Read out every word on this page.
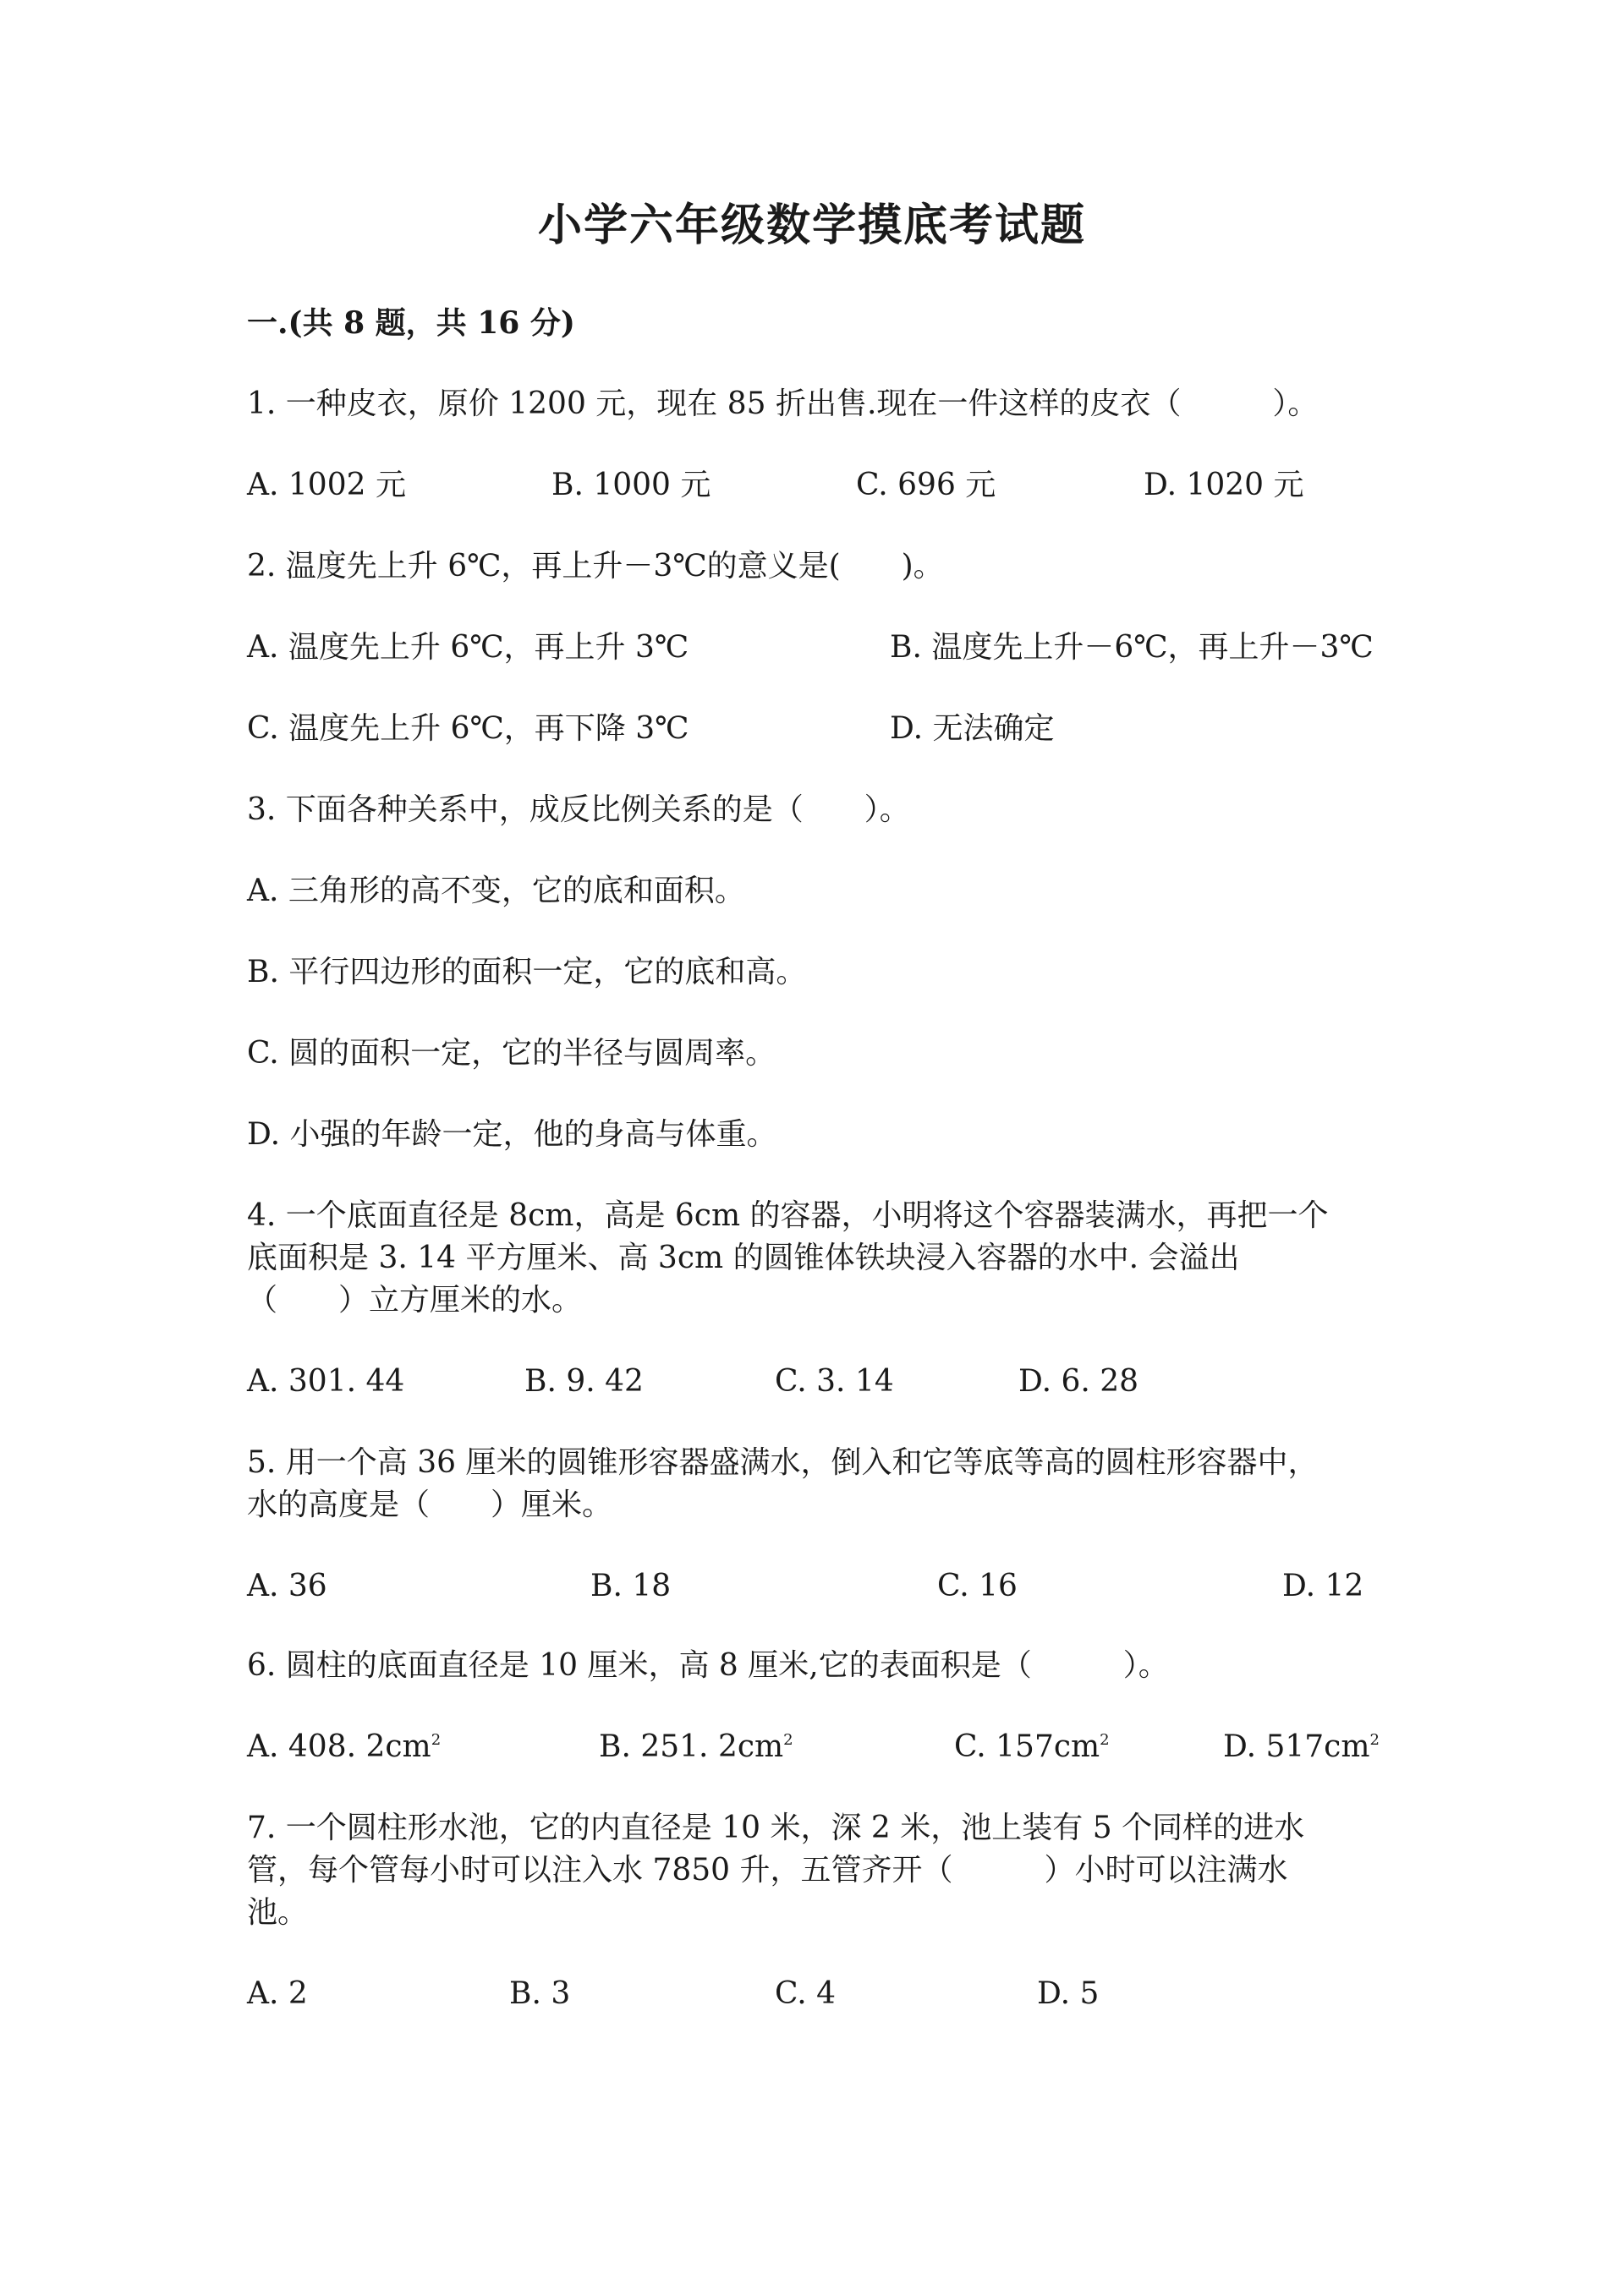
小学六年级数学摸底考试题
一.(共 8 题，共 16 分)
1. 一种皮衣，原价 1200 元，现在 85 折出售.现在一件这样的皮衣（　　　）。
A. 1002 元	B. 1000 元	C. 696 元	D. 1020 元
2. 温度先上升 6℃，再上升－3℃的意义是(　　)。
A. 温度先上升 6℃，再上升 3℃	B. 温度先上升－6℃，再上升－3℃
C. 温度先上升 6℃，再下降 3℃	D. 无法确定
3. 下面各种关系中，成反比例关系的是（　　）。
A. 三角形的高不变，它的底和面积。
B. 平行四边形的面积一定，它的底和高。
C. 圆的面积一定，它的半径与圆周率。
D. 小强的年龄一定，他的身高与体重。
4. 一个底面直径是 8cm，高是 6cm 的容器，小明将这个容器装满水，再把一个
底面积是 3. 14 平方厘米、高 3cm 的圆锥体铁块浸入容器的水中. 会溢出
（　　）立方厘米的水。
A. 301. 44	B. 9. 42	C. 3. 14	D. 6. 28
5. 用一个高 36 厘米的圆锥形容器盛满水，倒入和它等底等高的圆柱形容器中，
水的高度是（　　）厘米。
A. 36	B. 18	C. 16	D. 12
6. 圆柱的底面直径是 10 厘米，高 8 厘米,它的表面积是（　　　）。
A. 408. $2cm^2$	B. 251. $2cm^2$	C. $157cm^2$	D. $517cm^2$
7. 一个圆柱形水池，它的内直径是 10 米，深 2 米，池上装有 5 个同样的进水
管，每个管每小时可以注入水 7850 升，五管齐开（　　　）小时可以注满水
池。
A. 2	B. 3	C. 4	D. 5
